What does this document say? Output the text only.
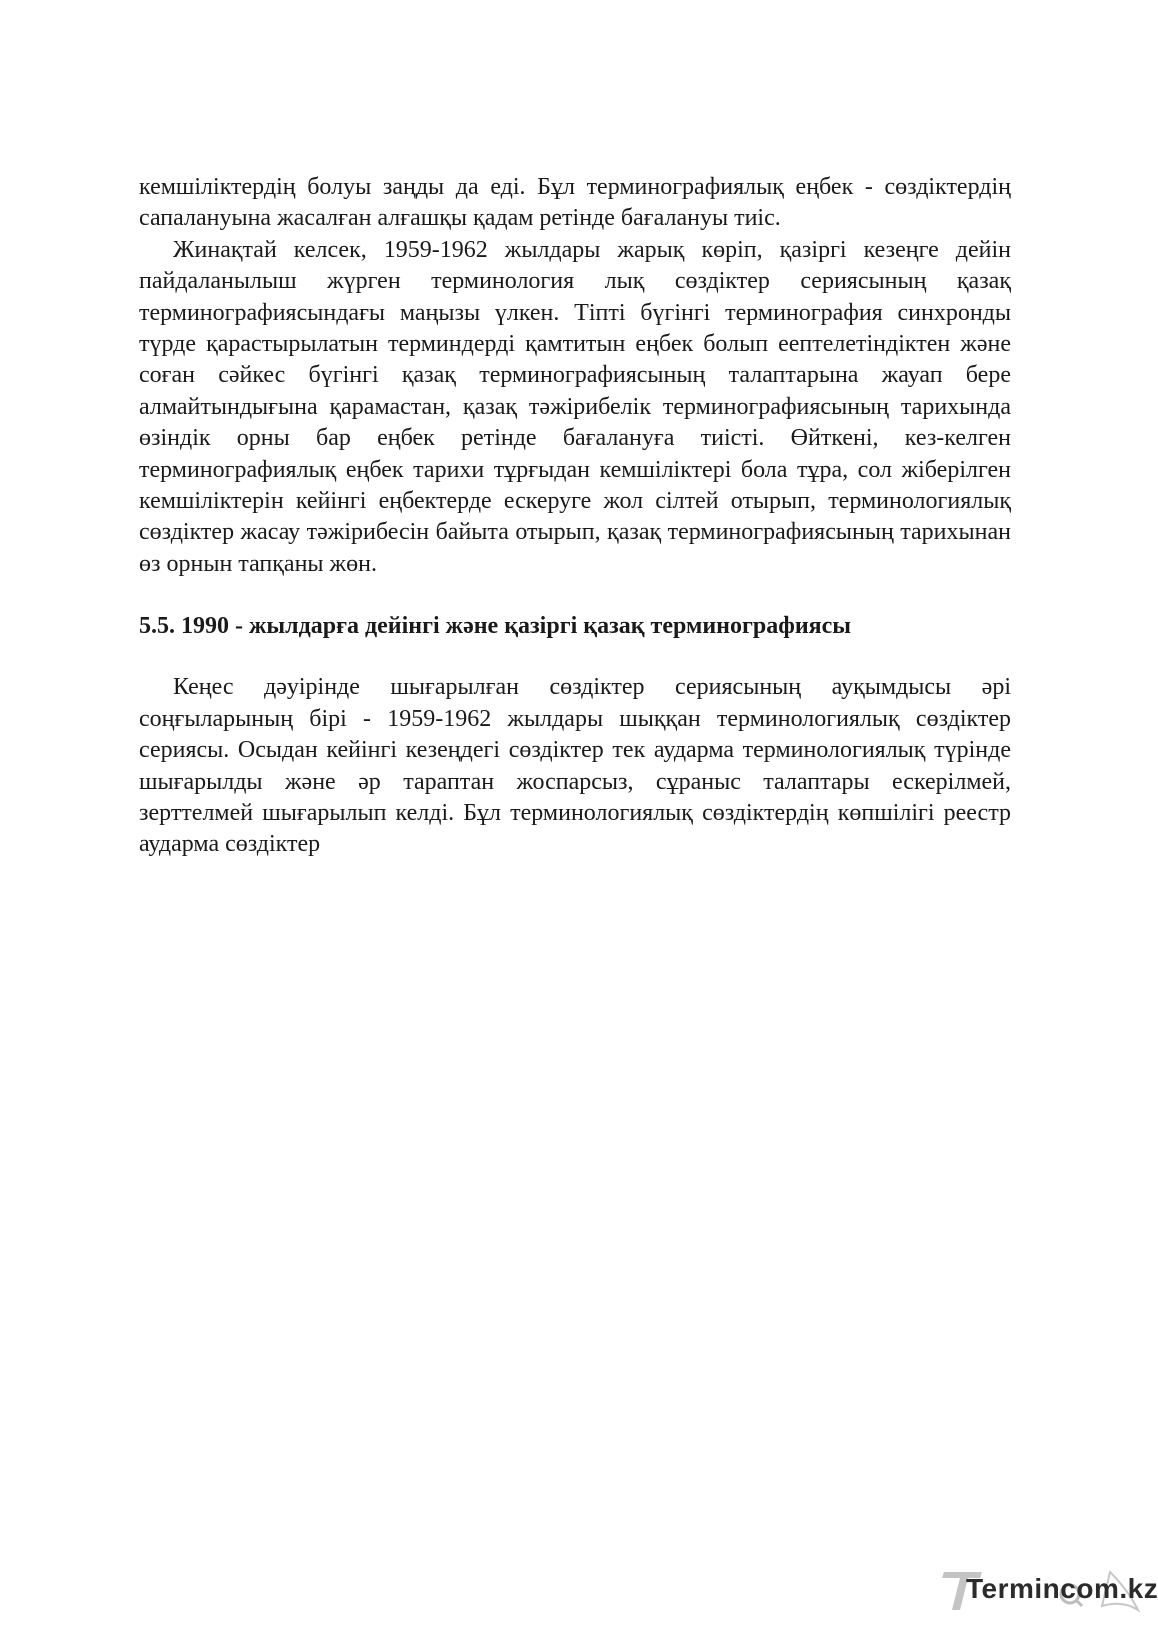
кемшіліктердің болуы заңды да еді. Бұл терминографиялық еңбек - сөздіктердің сапалануына жасалған алғашқы қадам ретінде бағалануы тиіс.

Жинақтай келсек, 1959-1962 жылдары жарық көріп, қазіргі кезеңге дейін пайдаланылыш жүрген терминология лық сөздіктер сериясының қазақ терминографиясындағы маңызы үлкен. Тіпті бүгінгі терминография синхронды түрде қарастырылатын терминдерді қамтитын еңбек болып еептелетіндіктен және соған сәйкес бүгінгі қазақ терминографиясының талаптарына жауап бере алмайтындығына қарамастан, қазақ тәжірибелік терминографиясының тарихында өзіндік орны бар еңбек ретінде бағалануға тиісті. Өйткені, кез-келген терминографиялық еңбек тарихи тұрғыдан кемшіліктері бола тұра, сол жіберілген кемшіліктерін кейінгі еңбектерде ескеруге жол сілтей отырып, терминологиялық сөздіктер жасау тәжірибесін байыта отырып, қазақ терминографиясының тарихынан өз орнын тапқаны жөн.

5.5. 1990 - жылдарға дейінгі және қазіргі қазақ терминографиясы

Кеңес дәуірінде шығарылған сөздіктер сериясының ауқымдысы әрі соңғыларының бірі - 1959-1962 жылдары шыққан терминологиялық сөздіктер сериясы. Осыдан кейінгі кезеңдегі сөздіктер тек аударма терминологиялық түрінде шығарылды және әр тараптан жоспарсыз, сұраныс талаптары ескерілмей, зерттелмей шығарылып келді. Бұл терминологиялық сөздіктердің көпшілігі реестр аударма сөздіктер

Termincom.kz
